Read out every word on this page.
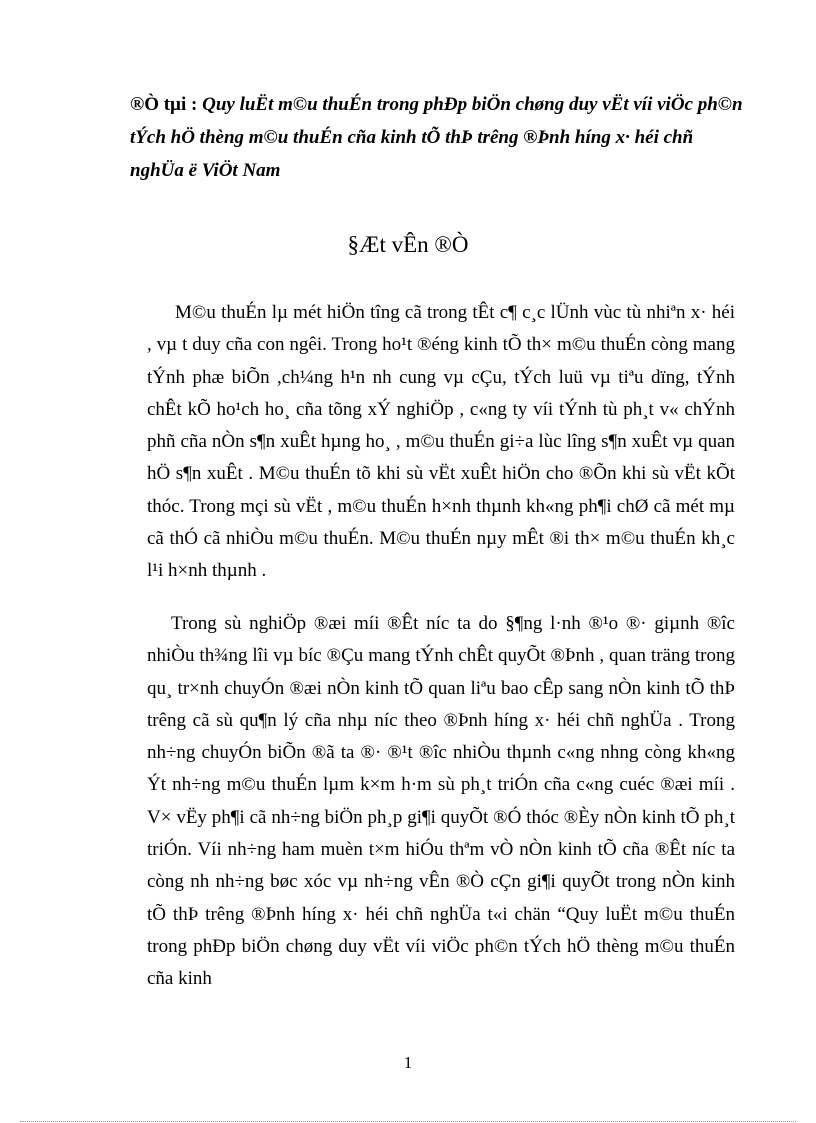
®Ò tµi : Quy luËt m©u thuÉn trong phÐp biÖn chøng duy vËt víi viÖc ph©n tÝch hÖ thèng m©u thuÉn cña kinh tÕ thÞ trêng ®Þnh híng x· héi chñ nghÜa ë ViÖt Nam
§Æt vÊn ®Ò

M©u thuÉn lµ mét hiÖn tîng cã trong tÊt c¶ c¸c lÜnh vùc tù nhiªn x· héi , vµ t duy cña con ngêi. Trong ho¹t ®éng kinh tÕ th× m©u thuÉn còng mang tÝnh phæ biÕn ,ch¼ng h¹n nh cung vµ cÇu, tÝch luü vµ tiªu dïng, tÝnh chÊt kÕ ho¹ch ho¸ cña tõng xÝ nghiÖp , c«ng ty víi tÝnh tù ph¸t v« chÝnh phñ cña nÒn s¶n xuÊt hµng ho¸ , m©u thuÉn gi÷a lùc lîng s¶n xuÊt vµ quan hÖ s¶n xuÊt . M©u thuÉn tõ khi sù vËt xuÊt hiÖn cho ®Õn khi sù vËt kÕt thóc. Trong mçi sù vËt , m©u thuÉn h×nh thµnh kh«ng ph¶i chØ cã mét mµ cã thÓ cã nhiÒu m©u thuÉn. M©u thuÉn nµy mÊt ®i th× m©u thuÉn kh¸c l¹i h×nh thµnh .

Trong sù nghiÖp ®æi míi ®Êt níc ta do §¶ng l·nh ®¹o ®· giµnh ®îc nhiÒu th¾ng lîi vµ bíc ®Çu mang tÝnh chÊt quyÕt ®Þnh , quan träng trong qu¸ tr×nh chuyÓn ®æi nÒn kinh tÕ quan liªu bao cÊp sang nÒn kinh tÕ thÞ trêng cã sù qu¶n lý cña nhµ níc theo ®Þnh híng x· héi chñ nghÜa . Trong nh÷ng chuyÓn biÕn ®ã ta ®· ®¹t ®îc nhiÒu thµnh c«ng nhng còng kh«ng Ýt nh÷ng m©u thuÉn lµm k×m h·m sù ph¸t triÓn cña c«ng cuéc ®æi míi . V× vËy ph¶i cã nh÷ng biÖn ph¸p gi¶i quyÕt ®Ó thóc ®Èy nÒn kinh tÕ ph¸t triÓn. Víi nh÷ng ham muèn t×m hiÓu thªm vÒ nÒn kinh tÕ cña ®Êt níc ta còng nh nh÷ng bøc xóc vµ nh÷ng vÊn ®Ò cÇn gi¶i quyÕt trong nÒn kinh tÕ thÞ trêng ®Þnh híng x· héi chñ nghÜa t«i chän “Quy luËt m©u thuÉn trong phÐp biÖn chøng duy vËt víi viÖc ph©n tÝch hÖ thèng m©u thuÉn cña kinh

1
